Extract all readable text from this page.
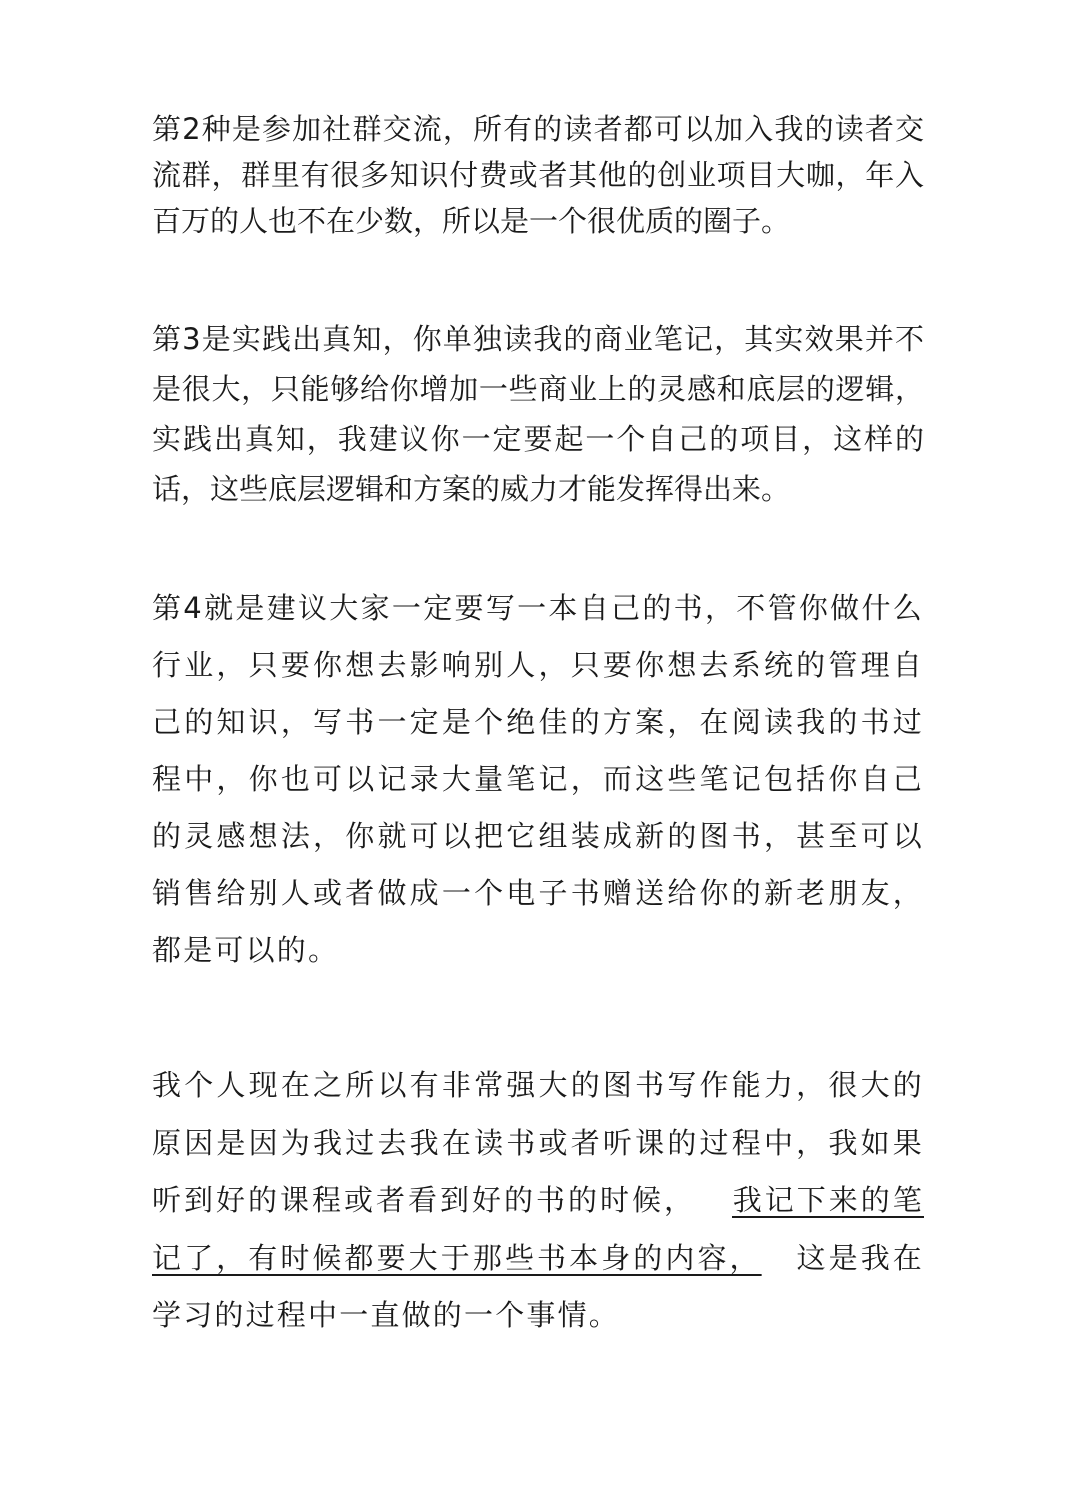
第2种是参加社群交流，所有的读者都可以加入我的读者交流群，群里有很多知识付费或者其他的创业项目大咖，年入百万的人也不在少数，所以是一个很优质的圈子。

第3是实践出真知，你单独读我的商业笔记，其实效果并不是很大，只能够给你增加一些商业上的灵感和底层的逻辑，实践出真知，我建议你一定要起一个自己的项目，这样的话，这些底层逻辑和方案的威力才能发挥得出来。

第4就是建议大家一定要写一本自己的书，不管你做什么行业，只要你想去影响别人，只要你想去系统的管理自己的知识，写书一定是个绝佳的方案，在阅读我的书过程中，你也可以记录大量笔记，而这些笔记包括你自己的灵感想法，你就可以把它组装成新的图书，甚至可以销售给别人或者做成一个电子书赠送给你的新老朋友，都是可以的。

我个人现在之所以有非常强大的图书写作能力，很大的原因是因为我过去我在读书或者听课的过程中，我如果听到好的课程或者看到好的书的时候， 我记下来的笔记了，有时候都要大于那些书本身的内容， 这是我在学习的过程中一直做的一个事情。
